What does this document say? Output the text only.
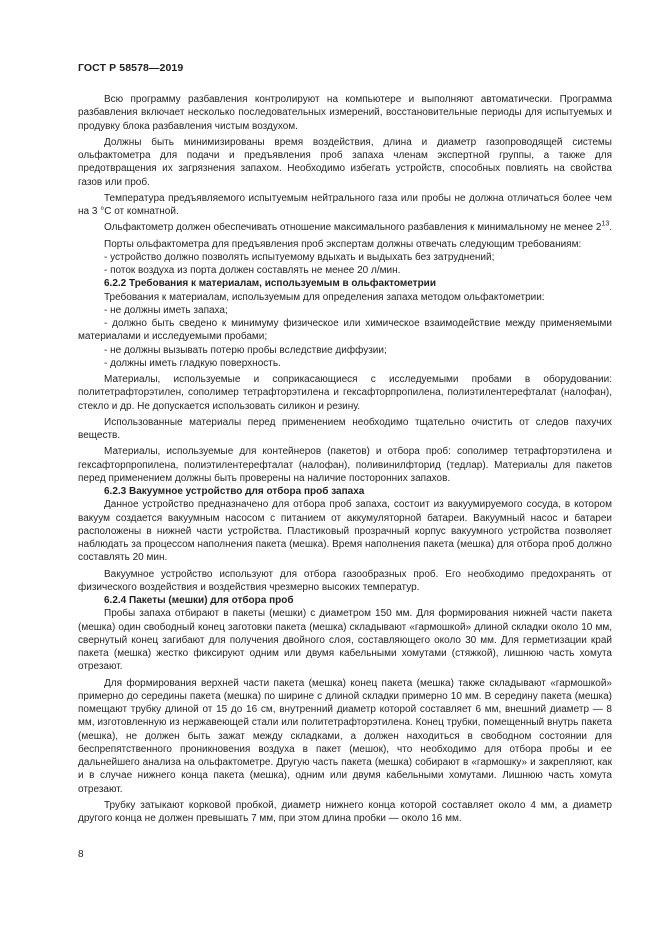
ГОСТ Р 58578—2019

Всю программу разбавления контролируют на компьютере и выполняют автоматически. Программа разбавления включает несколько последовательных измерений, восстановительные периоды для испытуемых и продувку блока разбавления чистым воздухом.

Должны быть минимизированы время воздействия, длина и диаметр газопроводящей системы ольфактометра для подачи и предъявления проб запаха членам экспертной группы, а также для предотвращения их загрязнения запахом. Необходимо избегать устройств, способных повлиять на свойства газов или проб.

Температура предъявляемого испытуемым нейтрального газа или пробы не должна отличаться более чем на 3 °С от комнатной.

Ольфактометр должен обеспечивать отношение максимального разбавления к минимальному не менее $2^{13}$.

Порты ольфактометра для предъявления проб экспертам должны отвечать следующим требованиям:

- устройство должно позволять испытуемому вдыхать и выдыхать без затруднений;

- поток воздуха из порта должен составлять не менее 20 л/мин.

6.2.2 Требования к материалам, используемым в ольфактометрии

Требования к материалам, используемым для определения запаха методом ольфактометрии:

- не должны иметь запаха;

- должно быть сведено к минимуму физическое или химическое взаимодействие между применяемыми материалами и исследуемыми пробами;

- не должны вызывать потерю пробы вследствие диффузии;

- должны иметь гладкую поверхность.

Материалы, используемые и соприкасающиеся с исследуемыми пробами в оборудовании: политетрафторэтилен, сополимер тетрафторэтилена и гексафторпропилена, полиэтилентерефталат (налофан), стекло и др. Не допускается использовать силикон и резину.

Использованные материалы перед применением необходимо тщательно очистить от следов пахучих веществ.

Материалы, используемые для контейнеров (пакетов) и отбора проб: сополимер тетрафторэтилена и гексафторпропилена, полиэтилентерефталат (налофан), поливинилфторид (тедлар). Материалы для пакетов перед применением должны быть проверены на наличие посторонних запахов.

6.2.3 Вакуумное устройство для отбора проб запаха

Данное устройство предназначено для отбора проб запаха, состоит из вакуумируемого сосуда, в котором вакуум создается вакуумным насосом с питанием от аккумуляторной батареи. Вакуумный насос и батареи расположены в нижней части устройства. Пластиковый прозрачный корпус вакуумного устройства позволяет наблюдать за процессом наполнения пакета (мешка). Время наполнения пакета (мешка) для отбора проб должно составлять 20 мин.

Вакуумное устройство используют для отбора газообразных проб. Его необходимо предохранять от физического воздействия и воздействия чрезмерно высоких температур.

6.2.4 Пакеты (мешки) для отбора проб

Пробы запаха отбирают в пакеты (мешки) с диаметром 150 мм. Для формирования нижней части пакета (мешка) один свободный конец заготовки пакета (мешка) складывают «гармошкой» длиной складки около 10 мм, свернутый конец загибают для получения двойного слоя, составляющего около 30 мм. Для герметизации край пакета (мешка) жестко фиксируют одним или двумя кабельными хомутами (стяжкой), лишнюю часть хомута отрезают.

Для формирования верхней части пакета (мешка) конец пакета (мешка) также складывают «гармошкой» примерно до середины пакета (мешка) по ширине с длиной складки примерно 10 мм. В середину пакета (мешка) помещают трубку длиной от 15 до 16 см, внутренний диаметр которой составляет 6 мм, внешний диаметр — 8 мм, изготовленную из нержавеющей стали или политетрафторэтилена. Конец трубки, помещенный внутрь пакета (мешка), не должен быть зажат между складками, а должен находиться в свободном состоянии для беспрепятственного проникновения воздуха в пакет (мешок), что необходимо для отбора пробы и ее дальнейшего анализа на ольфактометре. Другую часть пакета (мешка) собирают в «гармошку» и закрепляют, как и в случае нижнего конца пакета (мешка), одним или двумя кабельными хомутами. Лишнюю часть хомута отрезают.

Трубку затыкают корковой пробкой, диаметр нижнего конца которой составляет около 4 мм, а диаметр другого конца не должен превышать 7 мм, при этом длина пробки — около 16 мм.

8
